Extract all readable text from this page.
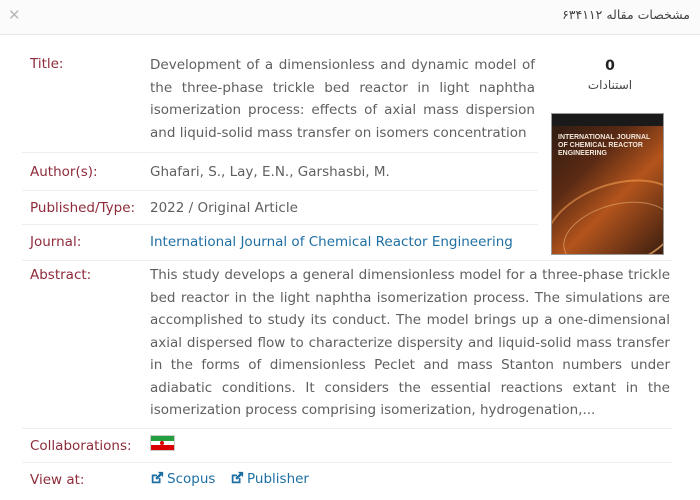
✕	مشخصات مقاله ۶۳۴۱۱۲
Title:	Development of a dimensionless and dynamic model of the three-phase trickle bed reactor in light naphtha isomerization process: effects of axial mass dispersion and liquid-solid mass transfer on isomers concentration
Author(s):	Ghafari, S., Lay, E.N., Garshasbi, M.
Published/Type: 2022 / Original Article
Journal:	International Journal of Chemical Reactor Engineering
Abstract:	This study develops a general dimensionless model for a three-phase trickle bed reactor in the light naphtha isomerization process. The simulations are accomplished to study its conduct. The model brings up a one-dimensional axial dispersed flow to characterize dispersity and liquid-solid mass transfer in the forms of dimensionless Peclet and mass Stanton numbers under adiabatic conditions. It considers the essential reactions extant in the isomerization process comprising isomerization, hydrogenation,...
Collaborations:
View at:	Scopus	Publisher
0
استنادات
INTERNATIONAL JOURNAL OF CHEMICAL REACTOR ENGINEERING
